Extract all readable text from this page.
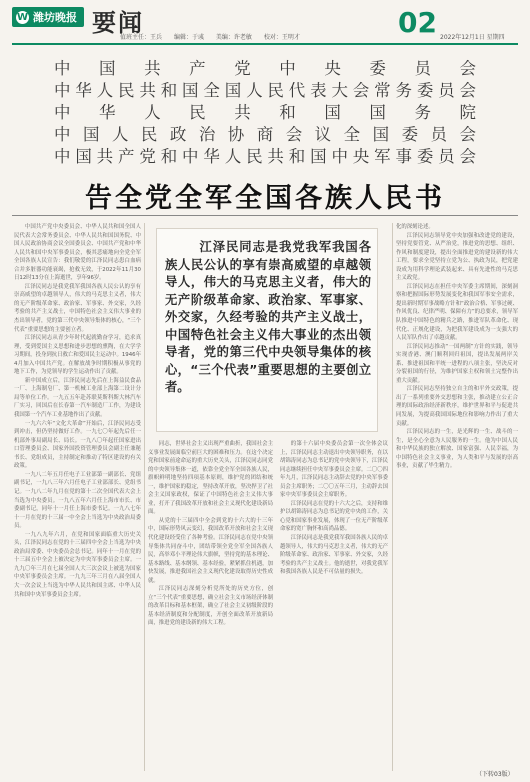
W 潍坊晚报 要闻
值班主任：王兵 编辑：于彧 美编：许老敏 校对：王明才	02 2022年12月1日 星期四
中国共产党中央委员会
中华人民共和国全国人民代表大会常务委员会
中华人民共和国国务院
中国人民政治协商会议全国委员会
中国共产党和中华人民共和国中央军事委员会
告全党全军全国各族人民书

中国共产党中央委员会、中华人民共和国全国人民代表大会常务委员会、中华人民共和国国务院、中国人民政治协商会议全国委员会、中国共产党和中华人民共和国中央军事委员会，极其悲痛地向全党全军全国各族人民宣告：我们敬爱的江泽民同志患白血病合并多脏器功能衰竭，抢救无效，于2022年11月30日12时13分在上海逝世，享年96岁。

江泽民同志是我党我军我国各族人民公认的享有崇高威望的卓越领导人，伟大的马克思主义者，伟大的无产阶级革命家、政治家、军事家、外交家，久经考验的共产主义战士，中国特色社会主义伟大事业的杰出领导者，党的第三代中央领导集体的核心，“三个代表”重要思想的主要创立者。

江泽民同志从青少年时代起就勤奋学习，追求真理，受到爱国主义思想和进步思想的熏陶，在大学学习期间，投身到抗日救亡和爱国民主运动中。1946年4月加入中国共产党。在解放战争时期积极从事党的地下工作，为党领导的学生运动作出了贡献。

新中国成立后，江泽民同志先后在上海益民食品一厂、上海制皂厂、第一机械工业部上海第二设计分局等单位工作。一九五五年赴苏联莫斯科斯大林汽车厂实习，回国后在长春第一汽车制造厂工作，为建设我国第一个汽车工业基地作出了贡献。

一九六六年“文化大革命”开始后，江泽民同志受到冲击，但仍坚持做好工作。一九七〇年起先后任一机部外事局副局长、局长。一九八〇年起任国家进出口管理委员会、国家外国投资管理委员会副主任兼秘书长、党组成员，主持制定和推动了特区建设的有关政策。

一九八二年五月任电子工业部第一副部长、党组副书记，一九八三年六月任电子工业部部长、党组书记。一九八二年九月在党的第十二次全国代表大会上当选为中央委员。一九八五年六月任上海市市长、市委副书记，同年十一月任上海市委书记。一九八七年十一月在党的十三届一中全会上当选为中央政治局委员。

一九八九年六月，在党和国家面临重大历史关头，江泽民同志在党的十三届四中全会上当选为中央政治局常委、中央委员会总书记。同年十一月在党的十三届五中全会上被决定为中央军事委员会主席。一九九〇年三月在七届全国人大三次会议上被选为国家中央军事委员会主席。一九九三年三月在八届全国人大一次会议上当选为中华人民共和国主席、中华人民共和国中央军事委员会主席。

江泽民同志是我党我军我国各族人民公认的享有崇高威望的卓越领导人，伟大的马克思主义者，伟大的无产阶级革命家、政治家、军事家、外交家，久经考验的共产主义战士，中国特色社会主义伟大事业的杰出领导者，党的第三代中央领导集体的核心，“三个代表”重要思想的主要创立者。

同志，世界社会主义出现严重曲折，我国社会主义事业发展面临空前巨大的困难和压力。在这个决定党和国家前途命运的重大历史关头，江泽民同志同党的中央领导集体一道，依靠全党全军全国各族人民，旗帜鲜明地坚持四项基本原则，维护党的团结和统一，维护国家的稳定，坚持改革开放，坚决捍卫了社会主义国家政权，保证了中国特色社会主义伟大事业，打开了我国改革开放和社会主义现代化建设新局面。

从党的十三届四中全会到党的十六大的十三年中，国际形势风云变幻，我国改革开放和社会主义现代化建设经受住了各种考验。江泽民同志在党中央领导集体共同奋斗中，团结带领全党全军全国各族人民，高举邓小平理论伟大旗帜，坚持党的基本理论、基本路线、基本纲领、基本经验，紧紧抓住机遇，加快发展，推进我国社会主义现代化建设取得历史性成就。

江泽民同志深刻分析党所处的历史方位，创立“三个代表”重要思想，确立社会主义市场经济体制的改革目标和基本框架，确立了社会主义初级阶段的基本经济制度和分配制度，开创全面改革开放新局面，推进党的建设新的伟大工程。

的第十六届中央委员会第一次全体会议上，江泽民同志主动退出中央领导职务，在以胡锦涛同志为总书记的党中央领导下，江泽民同志继续担任中央军事委员会主席。二〇〇四年九月，江泽民同志主动辞去党的中央军事委员会主席职务；二〇〇五年三月，主动辞去国家中央军事委员会主席职务。

江泽民同志在党的十六大之后，支持和维护以胡锦涛同志为总书记的党中央的工作，关心党和国家事业发展，体现了一位无产阶级革命家的宽广胸怀和高尚品德。

江泽民同志是我党我军我国各族人民的卓越领导人，伟大的马克思主义者，伟大的无产阶级革命家、政治家、军事家、外交家，久经考验的共产主义战士。他的逝世，对我党我军和我国各族人民是不可估量的损失。

化的深刻论述。

江泽民同志领导党中央加强和改进党的建设，坚持党要管党、从严治党，推进党的思想、组织、作风和制度建设，提出全面推进党的建设新的伟大工程，要求全党坚持立党为公、执政为民，把党建设成为用科学理论武装起来、具有先进性的马克思主义政党。

江泽民同志在担任中央军委主席期间，深刻洞察和把握国际形势发展变化和我国军事安全需求，提出新时期军事战略方针和“政治合格、军事过硬、作风优良、纪律严明、保障有力”的总要求，领导军队推进中国特色的精兵之路，推进军队革命化、现代化、正规化建设，为把我军建设成为一支强大的人民军队作出了卓越贡献。

江泽民同志推动“一国两制”方针的实践，领导实现香港、澳门顺利回归祖国，提出发展两岸关系、推进祖国和平统一进程的八项主张，坚决反对分裂祖国的行径，为维护国家主权和领土完整作出重大贡献。

江泽民同志坚持独立自主的和平外交政策，提出了一系列重要外交思想和主张，推动建立公正合理的国际政治经济新秩序，维护世界和平与促进共同发展，为提高我国国际地位和影响力作出了重大贡献。

江泽民同志的一生，是光辉的一生、战斗的一生，是全心全意为人民服务的一生。他为中国人民和中华民族的独立解放、国家富强、人民幸福，为中国特色社会主义事业，为人类和平与发展的崇高事业，贡献了毕生精力。

（下转03版）
